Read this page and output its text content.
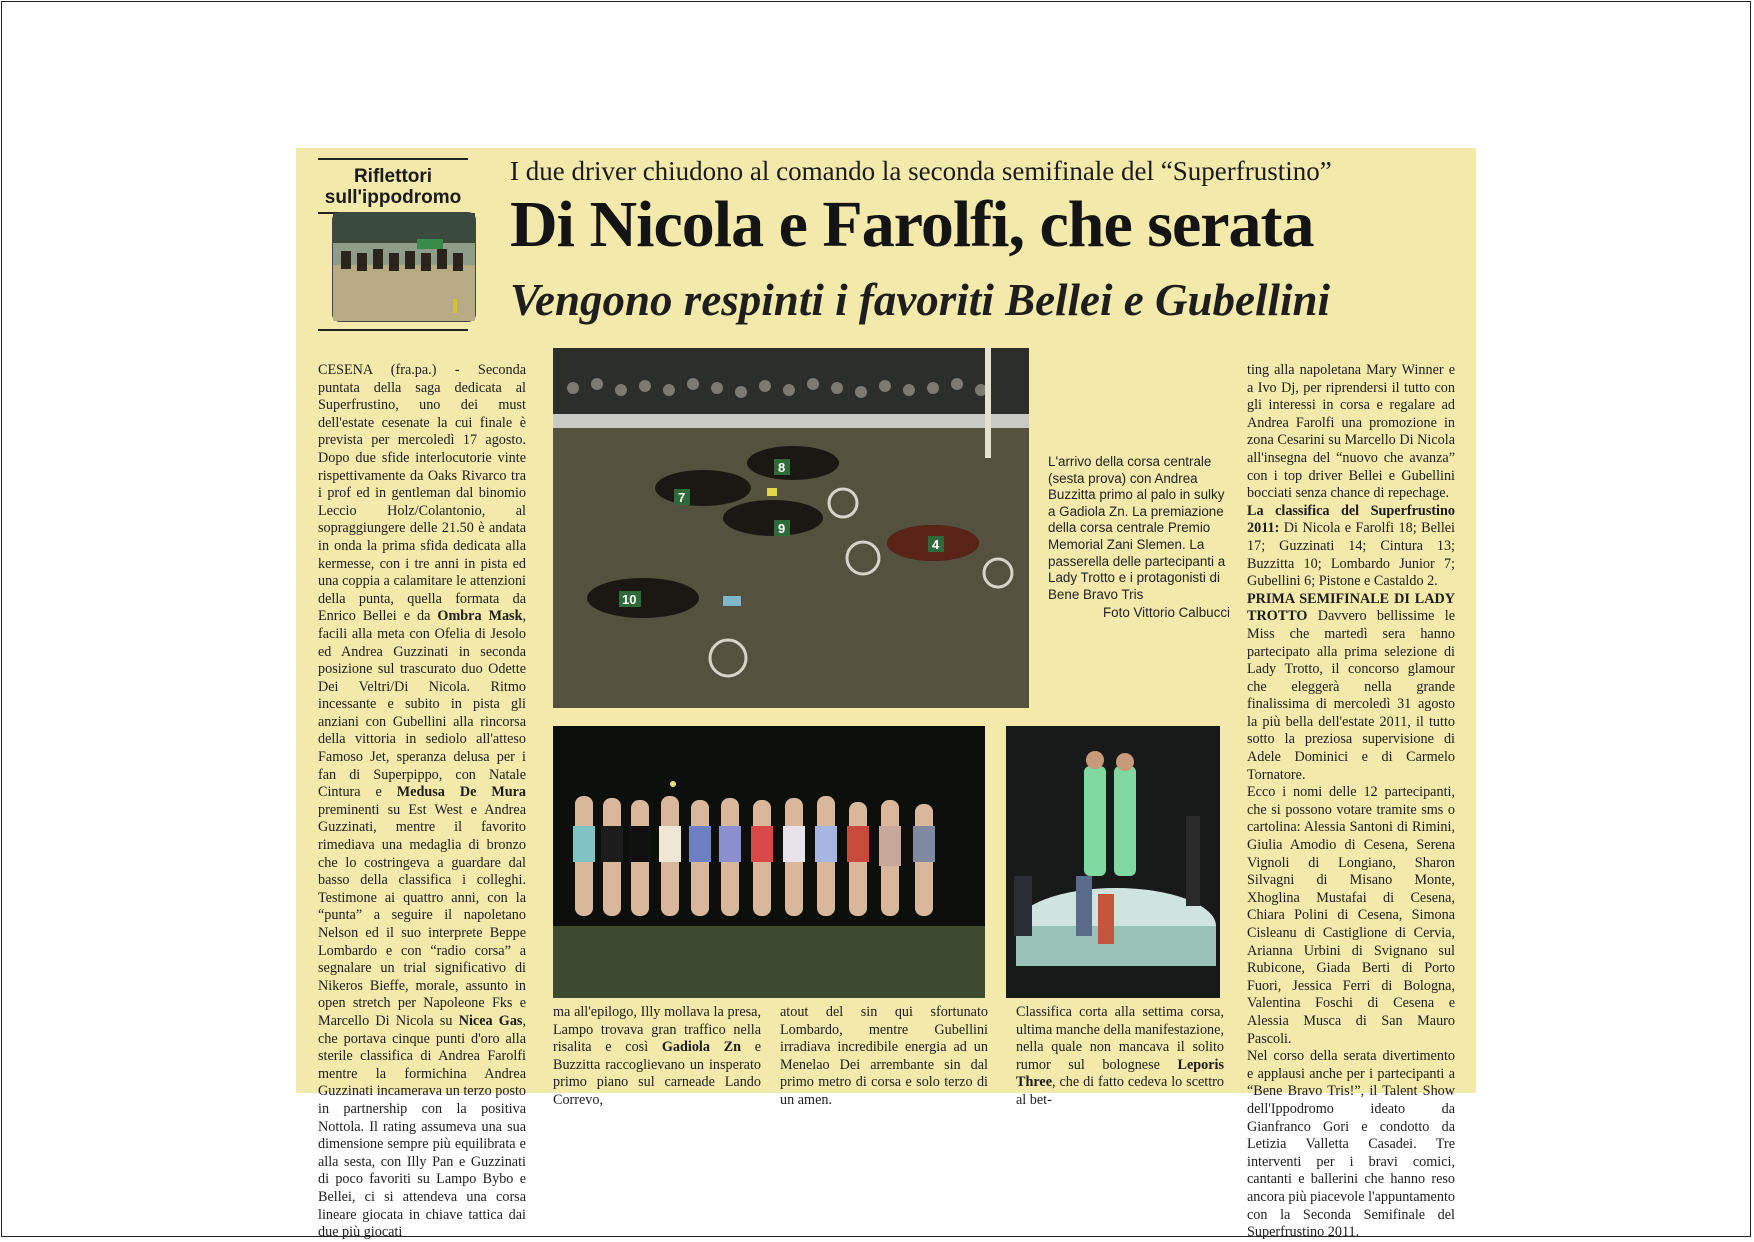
Riflettori
sull'ippodromo
I due driver chiudono al comando la seconda semifinale del “Superfrustino”
Di Nicola e Farolfi, che serata
Vengono respinti i favoriti Bellei e Gubellini

CESENA (fra.pa.) - Seconda puntata della saga dedicata al Superfrustino, uno dei must dell'estate cesenate la cui finale è prevista per mercoledì 17 agosto. Dopo due sfide interlocutorie vinte rispettivamente da Oaks Rivarco tra i prof ed in gentleman dal binomio Leccio Holz/Colantonio, al sopraggiungere delle 21.50 è andata in onda la prima sfida dedicata alla kermesse, con i tre anni in pista ed una coppia a calamitare le attenzioni della punta, quella formata da Enrico Bellei e da Ombra Mask, facili alla meta con Ofelia di Jesolo ed Andrea Guzzinati in seconda posizione sul trascurato duo Odette Dei Veltri/Di Nicola. Ritmo incessante e subito in pista gli anziani con Gubellini alla rincorsa della vittoria in sediolo all'atteso Famoso Jet, speranza delusa per i fan di Superpippo, con Natale Cintura e Medusa De Mura preminenti su Est West e Andrea Guzzinati, mentre il favorito rimediava una medaglia di bronzo che lo costringeva a guardare dal basso della classifica i colleghi. Testimone ai quattro anni, con la “punta” a seguire il napoletano Nelson ed il suo interprete Beppe Lombardo e con “radio corsa” a segnalare un trial significativo di Nikeros Bieffe, morale, assunto in open stretch per Napoleone Fks e Marcello Di Nicola su Nicea Gas, che portava cinque punti d'oro alla sterile classifica di Andrea Farolfi mentre la formichina Andrea Guzzinati incamerava un terzo posto in partnership con la positiva Nottola. Il rating assumeva una sua dimensione sempre più equilibrata e alla sesta, con Illy Pan e Guzzinati di poco favoriti su Lampo Bybo e Bellei, ci si attendeva una corsa lineare giocata in chiave tattica dai due più giocati

7
8
9
4
10
L'arrivo della corsa centrale (sesta prova) con Andrea Buzzitta primo al palo in sulky a Gadiola Zn. La premiazione della corsa centrale Premio Memorial Zani Slemen. La passerella delle partecipanti a Lady Trotto e i protagonisti di Bene Bravo Tris
Foto Vittorio Calbucci

ma all'epilogo, Illy mollava la presa, Lampo trovava gran traffico nella risalita e così Gadiola Zn e Buzzitta raccoglievano un insperato primo piano sul carneade Lando Correvo,

atout del sin qui sfortunato Lombardo, mentre Gubellini irradiava incredibile energia ad un Menelao Dei arrembante sin dal primo metro di corsa e solo terzo di un amen.

Classifica corta alla settima corsa, ultima manche della manifestazione, nella quale non mancava il solito rumor sul bolognese Leporis Three, che di fatto cedeva lo scettro al bet-

ting alla napoletana Mary Winner e a Ivo Dj, per riprendersi il tutto con gli interessi in corsa e regalare ad Andrea Farolfi una promozione in zona Cesarini su Marcello Di Nicola all'insegna del “nuovo che avanza” con i top driver Bellei e Gubellini bocciati senza chance di repechage.

La classifica del Superfrustino 2011: Di Nicola e Farolfi 18; Bellei 17; Guzzinati 14; Cintura 13; Buzzitta 10; Lombardo Junior 7; Gubellini 6; Pistone e Castaldo 2.

PRIMA SEMIFINALE DI LADY TROTTO Davvero bellissime le Miss che martedì sera hanno partecipato alla prima selezione di Lady Trotto, il concorso glamour che eleggerà nella grande finalissima di mercoledì 31 agosto la più bella dell'estate 2011, il tutto sotto la preziosa supervisione di Adele Dominici e di Carmelo Tornatore.

Ecco i nomi delle 12 partecipanti, che si possono votare tramite sms o cartolina: Alessia Santoni di Rimini, Giulia Amodio di Cesena, Serena Vignoli di Longiano, Sharon Silvagni di Misano Monte, Xhoglina Mustafai di Cesena, Chiara Polini di Cesena, Simona Cisleanu di Castiglione di Cervia, Arianna Urbini di Svignano sul Rubicone, Giada Berti di Porto Fuori, Jessica Ferri di Bologna, Valentina Foschi di Cesena e Alessia Musca di San Mauro Pascoli.

Nel corso della serata divertimento e applausi anche per i partecipanti a “Bene Bravo Tris!”, il Talent Show dell'Ippodromo ideato da Gianfranco Gori e condotto da Letizia Valletta Casadei. Tre interventi per i bravi comici, cantanti e ballerini che hanno reso ancora più piacevole l'appuntamento con la Seconda Semifinale del Superfrustino 2011.
